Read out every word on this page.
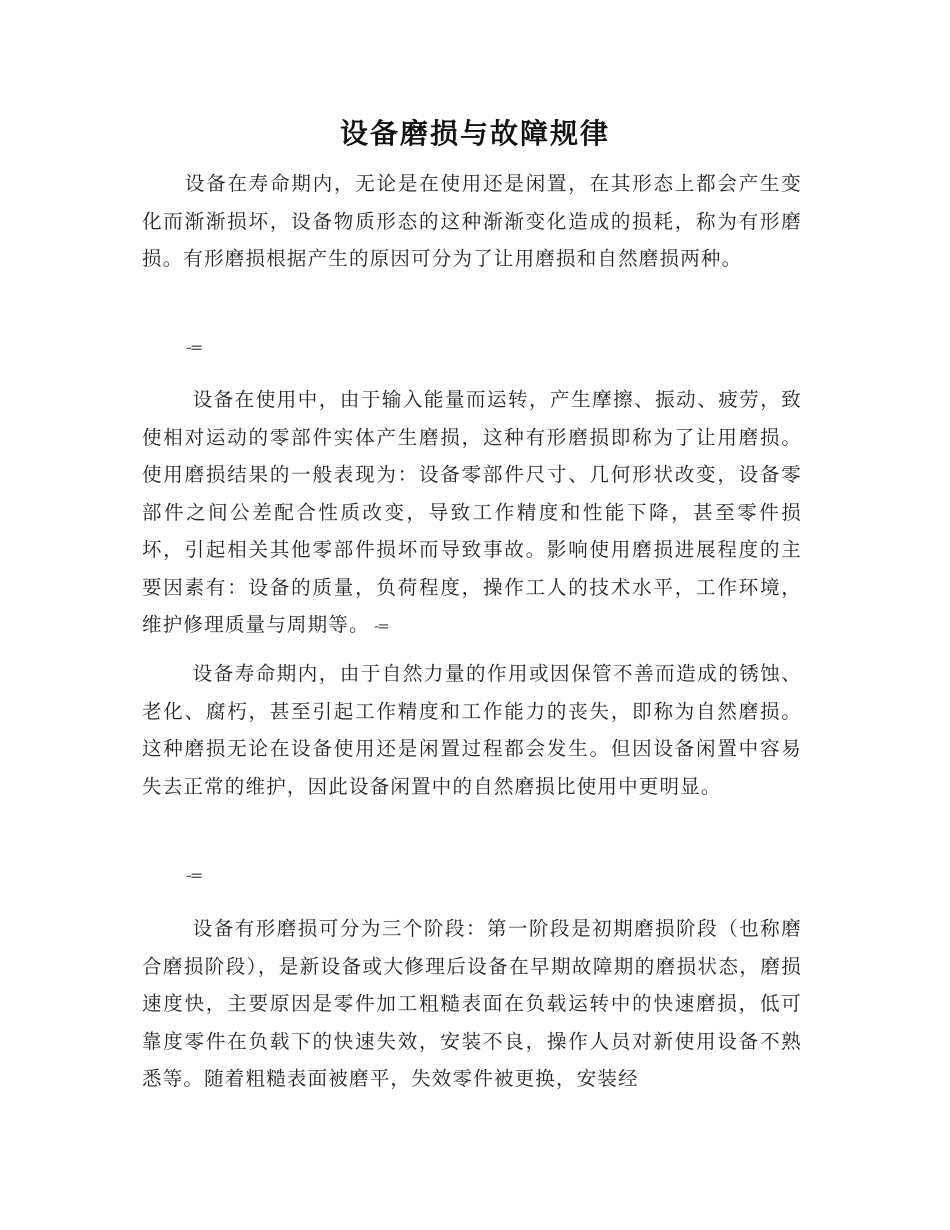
设备磨损与故障规律

设备在寿命期内，无论是在使用还是闲置，在其形态上都会产生变化而渐渐损坏，设备物质形态的这种渐渐变化造成的损耗，称为有形磨损。有形磨损根据产生的原因可分为了让用磨损和自然磨损两种。

-=

设备在使用中，由于输入能量而运转，产生摩擦、振动、疲劳，致使相对运动的零部件实体产生磨损，这种有形磨损即称为了让用磨损。使用磨损结果的一般表现为：设备零部件尺寸、几何形状改变，设备零部件之间公差配合性质改变，导致工作精度和性能下降，甚至零件损坏，引起相关其他零部件损坏而导致事故。影响使用磨损进展程度的主要因素有：设备的质量，负荷程度，操作工人的技术水平，工作环境，维护修理质量与周期等。 -=

设备寿命期内，由于自然力量的作用或因保管不善而造成的锈蚀、老化、腐朽，甚至引起工作精度和工作能力的丧失，即称为自然磨损。这种磨损无论在设备使用还是闲置过程都会发生。但因设备闲置中容易失去正常的维护，因此设备闲置中的自然磨损比使用中更明显。

-=

设备有形磨损可分为三个阶段：第一阶段是初期磨损阶段（也称磨合磨损阶段），是新设备或大修理后设备在早期故障期的磨损状态，磨损速度快，主要原因是零件加工粗糙表面在负载运转中的快速磨损，低可靠度零件在负载下的快速失效，安装不良，操作人员对新使用设备不熟悉等。随着粗糙表面被磨平，失效零件被更换，安装经
